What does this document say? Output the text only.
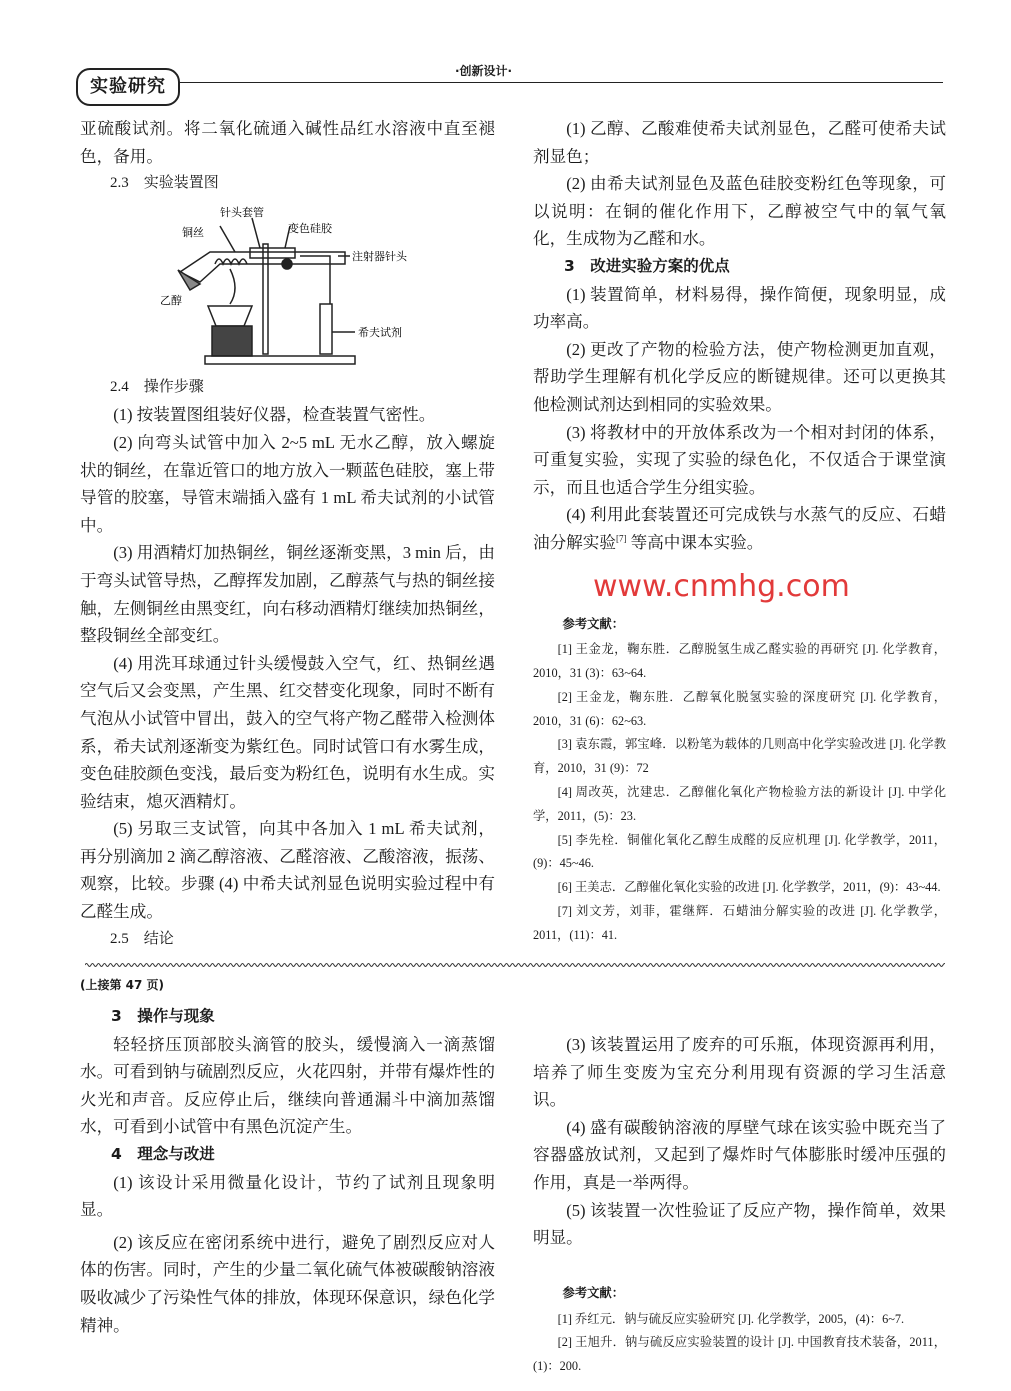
实验研究
·创新设计·

亚硫酸试剂。将二氧化硫通入碱性品红水溶液中直至褪色，备用。

2.3　实验装置图

铜丝
针头套管
变色硅胶
注射器针头
乙醇
希夫试剂

2.4　操作步骤

(1) 按装置图组装好仪器，检查装置气密性。

(2) 向弯头试管中加入 2~5 mL 无水乙醇，放入螺旋状的铜丝，在靠近管口的地方放入一颗蓝色硅胶，塞上带导管的胶塞，导管末端插入盛有 1 mL 希夫试剂的小试管中。

(3) 用酒精灯加热铜丝，铜丝逐渐变黑，3 min 后，由于弯头试管导热，乙醇挥发加剧，乙醇蒸气与热的铜丝接触，左侧铜丝由黑变红，向右移动酒精灯继续加热铜丝，整段铜丝全部变红。

(4) 用洗耳球通过针头缓慢鼓入空气，红、热铜丝遇空气后又会变黑，产生黑、红交替变化现象，同时不断有气泡从小试管中冒出，鼓入的空气将产物乙醛带入检测体系，希夫试剂逐渐变为紫红色。同时试管口有水雾生成，变色硅胶颜色变浅，最后变为粉红色，说明有水生成。实验结束，熄灭酒精灯。

(5) 另取三支试管，向其中各加入 1 mL 希夫试剂，再分别滴加 2 滴乙醇溶液、乙醛溶液、乙酸溶液，振荡、观察，比较。步骤 (4) 中希夫试剂显色说明实验过程中有乙醛生成。

2.5　结论

(1) 乙醇、乙酸难使希夫试剂显色，乙醛可使希夫试剂显色；

(2) 由希夫试剂显色及蓝色硅胶变粉红色等现象，可以说明：在铜的催化作用下，乙醇被空气中的氧气氧化，生成物为乙醛和水。

3　改进实验方案的优点

(1) 装置简单，材料易得，操作简便，现象明显，成功率高。

(2) 更改了产物的检验方法，使产物检测更加直观，帮助学生理解有机化学反应的断键规律。还可以更换其他检测试剂达到相同的实验效果。

(3) 将教材中的开放体系改为一个相对封闭的体系，可重复实验，实现了实验的绿色化，不仅适合于课堂演示，而且也适合学生分组实验。

(4) 利用此套装置还可完成铁与水蒸气的反应、石蜡油分解实验[7] 等高中课本实验。

www.cnmhg.com

参考文献：

[1] 王金龙，鞠东胜．乙醇脱氢生成乙醛实验的再研究 [J]. 化学教育，2010，31 (3)：63~64.

[2] 王金龙，鞠东胜．乙醇氧化脱氢实验的深度研究 [J]. 化学教育，2010，31 (6)：62~63.

[3] 袁东霞，郭宝峰．以粉笔为载体的几则高中化学实验改进 [J]. 化学教育，2010，31 (9)：72

[4] 周改英，沈建忠．乙醇催化氧化产物检验方法的新设计 [J]. 中学化学，2011，(5)：23.

[5] 李先栓．铜催化氧化乙醇生成醛的反应机理 [J]. 化学教学，2011，(9)：45~46.

[6] 王美志．乙醇催化氧化实验的改进 [J]. 化学教学，2011，(9)：43~44.

[7] 刘文芳，刘菲，霍继辉．石蜡油分解实验的改进 [J]. 化学教学，2011，(11)：41.

(上接第 47 页)

3　操作与现象

轻轻挤压顶部胶头滴管的胶头，缓慢滴入一滴蒸馏水。可看到钠与硫剧烈反应，火花四射，并带有爆炸性的火光和声音。反应停止后，继续向普通漏斗中滴加蒸馏水，可看到小试管中有黑色沉淀产生。

4　理念与改进

(1) 该设计采用微量化设计，节约了试剂且现象明显。

(2) 该反应在密闭系统中进行，避免了剧烈反应对人体的伤害。同时，产生的少量二氧化硫气体被碳酸钠溶液吸收减少了污染性气体的排放，体现环保意识，绿色化学精神。

(3) 该装置运用了废弃的可乐瓶，体现资源再利用，培养了师生变废为宝充分利用现有资源的学习生活意识。

(4) 盛有碳酸钠溶液的厚壁气球在该实验中既充当了容器盛放试剂，又起到了爆炸时气体膨胀时缓冲压强的作用，真是一举两得。

(5) 该装置一次性验证了反应产物，操作简单，效果明显。

参考文献：

[1] 乔红元．钠与硫反应实验研究 [J]. 化学教学，2005，(4)：6~7.

[2] 王旭升．钠与硫反应实验装置的设计 [J]. 中国教育技术装备，2011，(1)：200.
